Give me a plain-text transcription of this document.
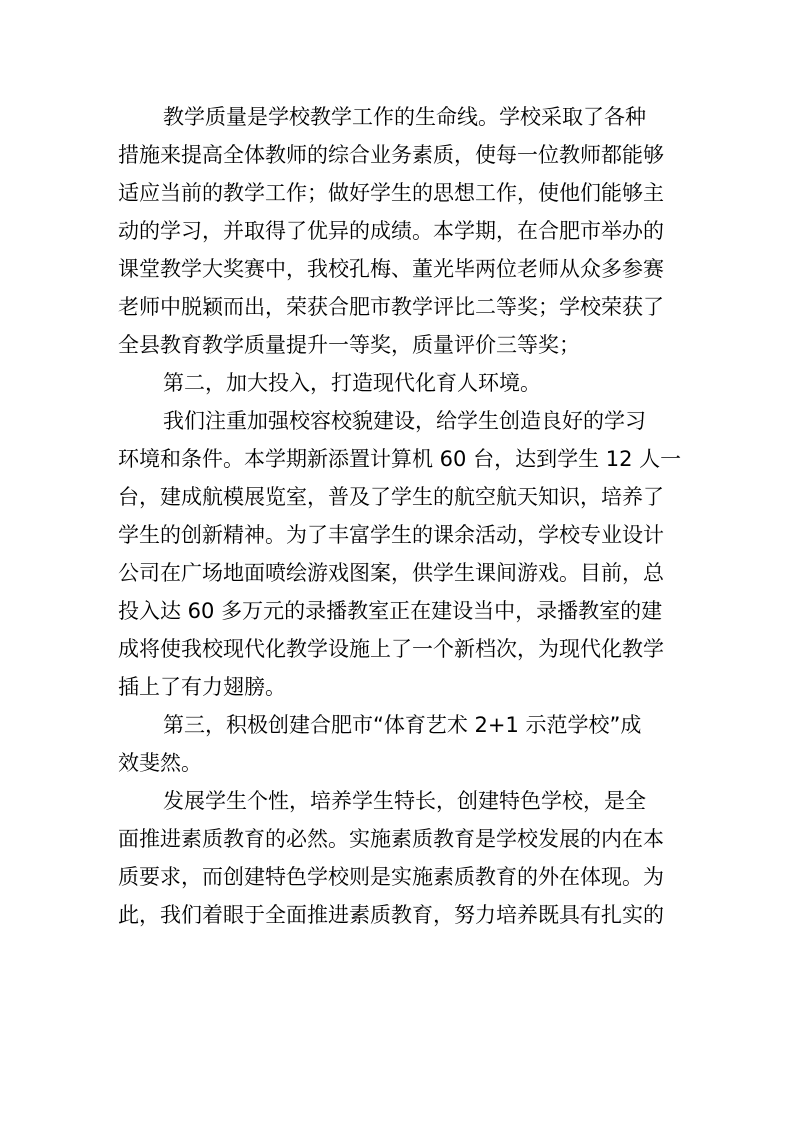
教学质量是学校教学工作的生命线。学校采取了各种
措施来提高全体教师的综合业务素质，使每一位教师都能够
适应当前的教学工作；做好学生的思想工作，使他们能够主
动的学习，并取得了优异的成绩。本学期，在合肥市举办的
课堂教学大奖赛中，我校孔梅、董光毕两位老师从众多参赛
老师中脱颖而出，荣获合肥市教学评比二等奖；学校荣获了
全县教育教学质量提升一等奖，质量评价三等奖；
第二，加大投入，打造现代化育人环境。
我们注重加强校容校貌建设，给学生创造良好的学习
环境和条件。本学期新添置计算机 60 台，达到学生 12 人一
台，建成航模展览室，普及了学生的航空航天知识，培养了
学生的创新精神。为了丰富学生的课余活动，学校专业设计
公司在广场地面喷绘游戏图案，供学生课间游戏。目前，总
投入达 60 多万元的录播教室正在建设当中，录播教室的建
成将使我校现代化教学设施上了一个新档次，为现代化教学
插上了有力翅膀。
第三，积极创建合肥市“体育艺术 2+1 示范学校”成
效斐然。
发展学生个性，培养学生特长，创建特色学校，是全
面推进素质教育的必然。实施素质教育是学校发展的内在本
质要求，而创建特色学校则是实施素质教育的外在体现。为
此，我们着眼于全面推进素质教育，努力培养既具有扎实的
